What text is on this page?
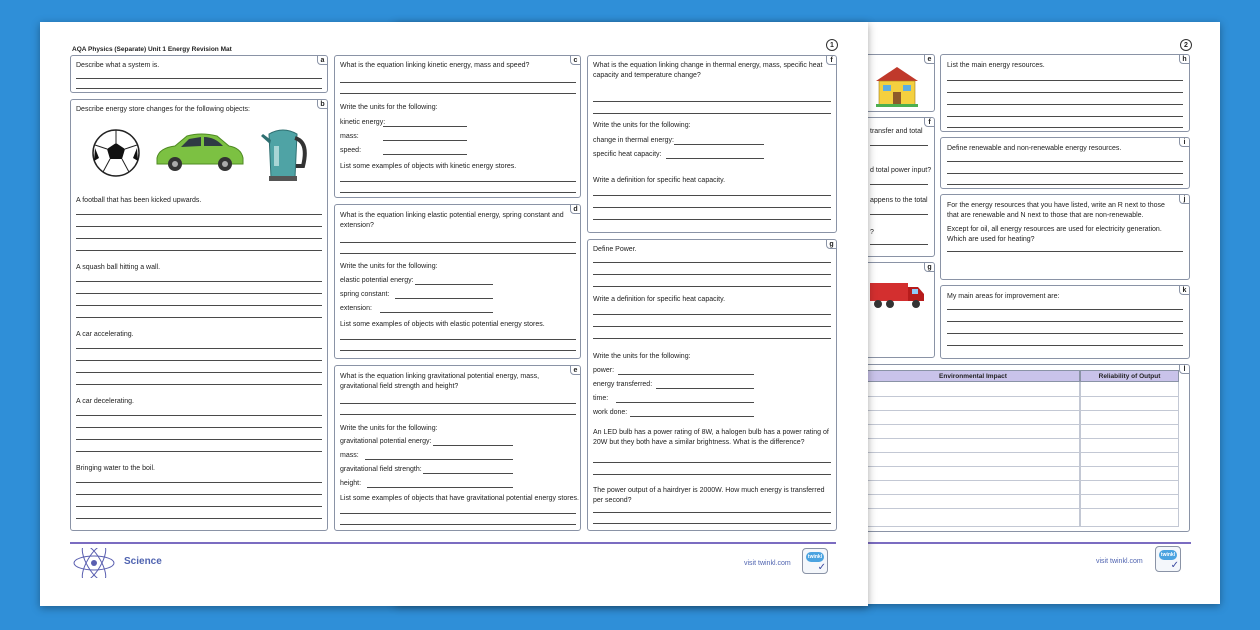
2
e
f
transfer and total
d total power input?
appens to the total
?
g
h
List the main energy resources.
i
Define renewable and non-renewable energy resources.
j
For the energy resources that you have listed, write an R next to those that are renewable and N next to those that are non-renewable.
Except for oil, all energy resources are used for electricity generation. Which are used for heating?
k
My main areas for improvement are:
l
Environmental Impact	Reliability of Output
visit twinkl.com
twinkl
✓
AQA Physics (Separate) Unit 1 Energy Revision Mat
1
a
Describe what a system is.
b
Describe energy store changes for the following objects:
A football that has been kicked upwards.
A squash ball hitting a wall.
A car accelerating.
A car decelerating.
Bringing water to the boil.
c
What is the equation linking kinetic energy, mass and speed?
Write the units for the following:
kinetic energy:
mass:
speed:
List some examples of objects with kinetic energy stores.
d
What is the equation linking elastic potential energy, spring constant and extension?
Write the units for the following:
elastic potential energy:
spring constant:
extension:
List some examples of objects with elastic potential energy stores.
e
What is the equation linking gravitational potential energy, mass, gravitational field strength and height?
Write the units for the following:
gravitational potential energy:
mass:
gravitational field strength:
height:
List some examples of objects that have gravitational potential energy stores.
f
What is the equation linking change in thermal energy, mass, specific heat capacity and temperature change?
Write the units for the following:
change in thermal energy:
specific heat capacity:
Write a definition for specific heat capacity.
g
Define Power.
Write a definition for specific heat capacity.
Write the units for the following:
power:
energy transferred:
time:
work done:
An LED bulb has a power rating of 8W, a halogen bulb has a power rating of 20W but they both have a similar brightness. What is the difference?
The power output of a hairdryer is 2000W. How much energy is transferred per second?
Science	visit twinkl.com
twinkl
✓
